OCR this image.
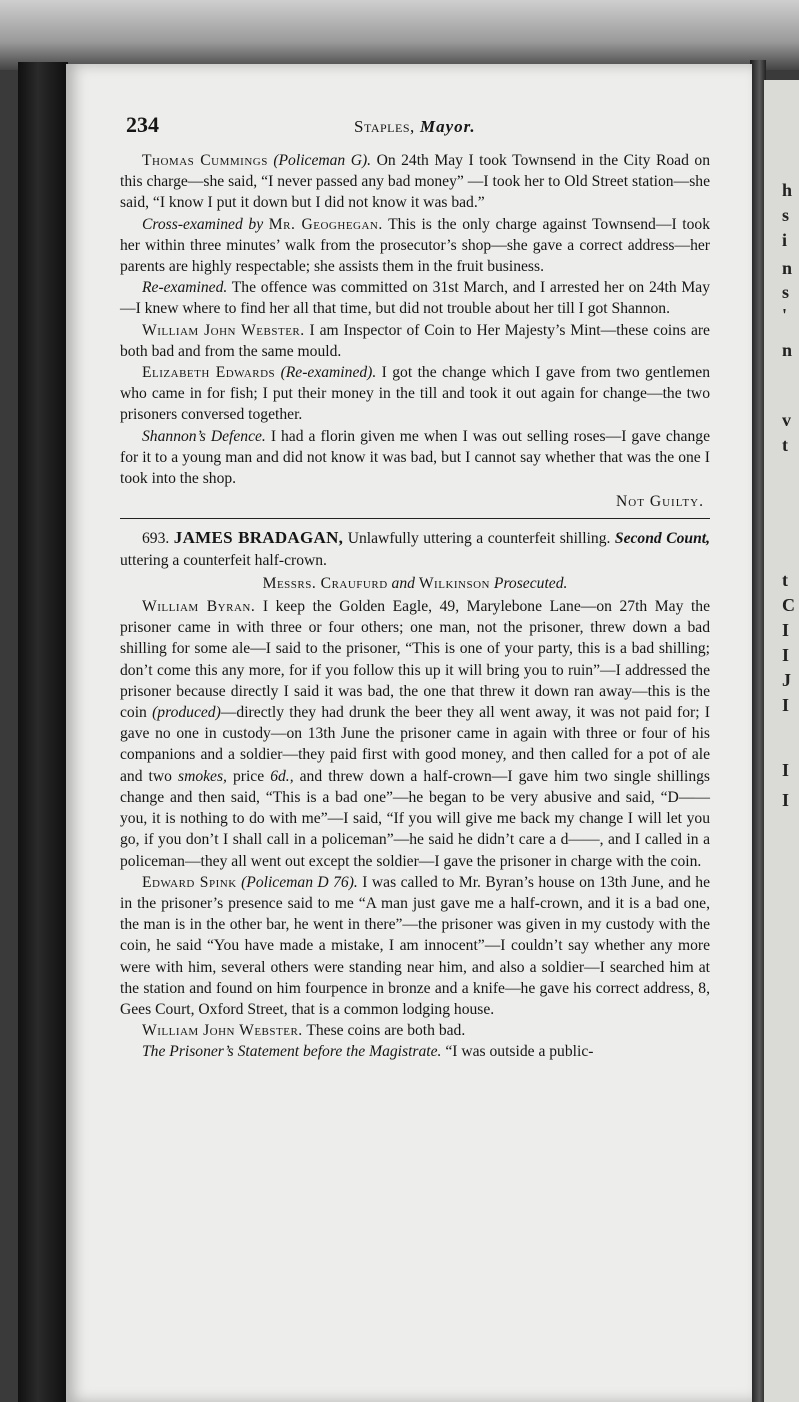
h
s
i
n
s
'
n
v
t
t
C
I
I
J
I
I
I
234	Staples, Mayor.

Thomas Cummings (Policeman G). On 24th May I took Townsend in the City Road on this charge—she said, “I never passed any bad money” —I took her to Old Street station—she said, “I know I put it down but I did not know it was bad.”

Cross-examined by Mr. Geoghegan. This is the only charge against Townsend—I took her within three minutes’ walk from the prosecutor’s shop—she gave a correct address—her parents are highly respectable; she assists them in the fruit business.

Re-examined. The offence was committed on 31st March, and I arrested her on 24th May—I knew where to find her all that time, but did not trouble about her till I got Shannon.

William John Webster. I am Inspector of Coin to Her Majesty’s Mint—these coins are both bad and from the same mould.

Elizabeth Edwards (Re-examined). I got the change which I gave from two gentlemen who came in for fish; I put their money in the till and took it out again for change—the two prisoners conversed together.

Shannon’s Defence. I had a florin given me when I was out selling roses—I gave change for it to a young man and did not know it was bad, but I cannot say whether that was the one I took into the shop.

Not Guilty.

693. JAMES BRADAGAN, Unlawfully uttering a counterfeit shilling. Second Count, uttering a counterfeit half-crown.

Messrs. Craufurd and Wilkinson Prosecuted.

William Byran. I keep the Golden Eagle, 49, Marylebone Lane—on 27th May the prisoner came in with three or four others; one man, not the prisoner, threw down a bad shilling for some ale—I said to the prisoner, “This is one of your party, this is a bad shilling; don’t come this any more, for if you follow this up it will bring you to ruin”—I addressed the prisoner because directly I said it was bad, the one that threw it down ran away—this is the coin (produced)—directly they had drunk the beer they all went away, it was not paid for; I gave no one in custody—on 13th June the prisoner came in again with three or four of his companions and a soldier—they paid first with good money, and then called for a pot of ale and two smokes, price 6d., and threw down a half-crown—I gave him two single shillings change and then said, “This is a bad one”—he began to be very abusive and said, “D—— you, it is nothing to do with me”—I said, “If you will give me back my change I will let you go, if you don’t I shall call in a policeman”—he said he didn’t care a d——, and I called in a policeman—they all went out except the soldier—I gave the prisoner in charge with the coin.

Edward Spink (Policeman D 76). I was called to Mr. Byran’s house on 13th June, and he in the prisoner’s presence said to me “A man just gave me a half-crown, and it is a bad one, the man is in the other bar, he went in there”—the prisoner was given in my custody with the coin, he said “You have made a mistake, I am innocent”—I couldn’t say whether any more were with him, several others were standing near him, and also a soldier—I searched him at the station and found on him fourpence in bronze and a knife—he gave his correct address, 8, Gees Court, Oxford Street, that is a common lodging house.

William John Webster. These coins are both bad.

The Prisoner’s Statement before the Magistrate. “I was outside a public-
